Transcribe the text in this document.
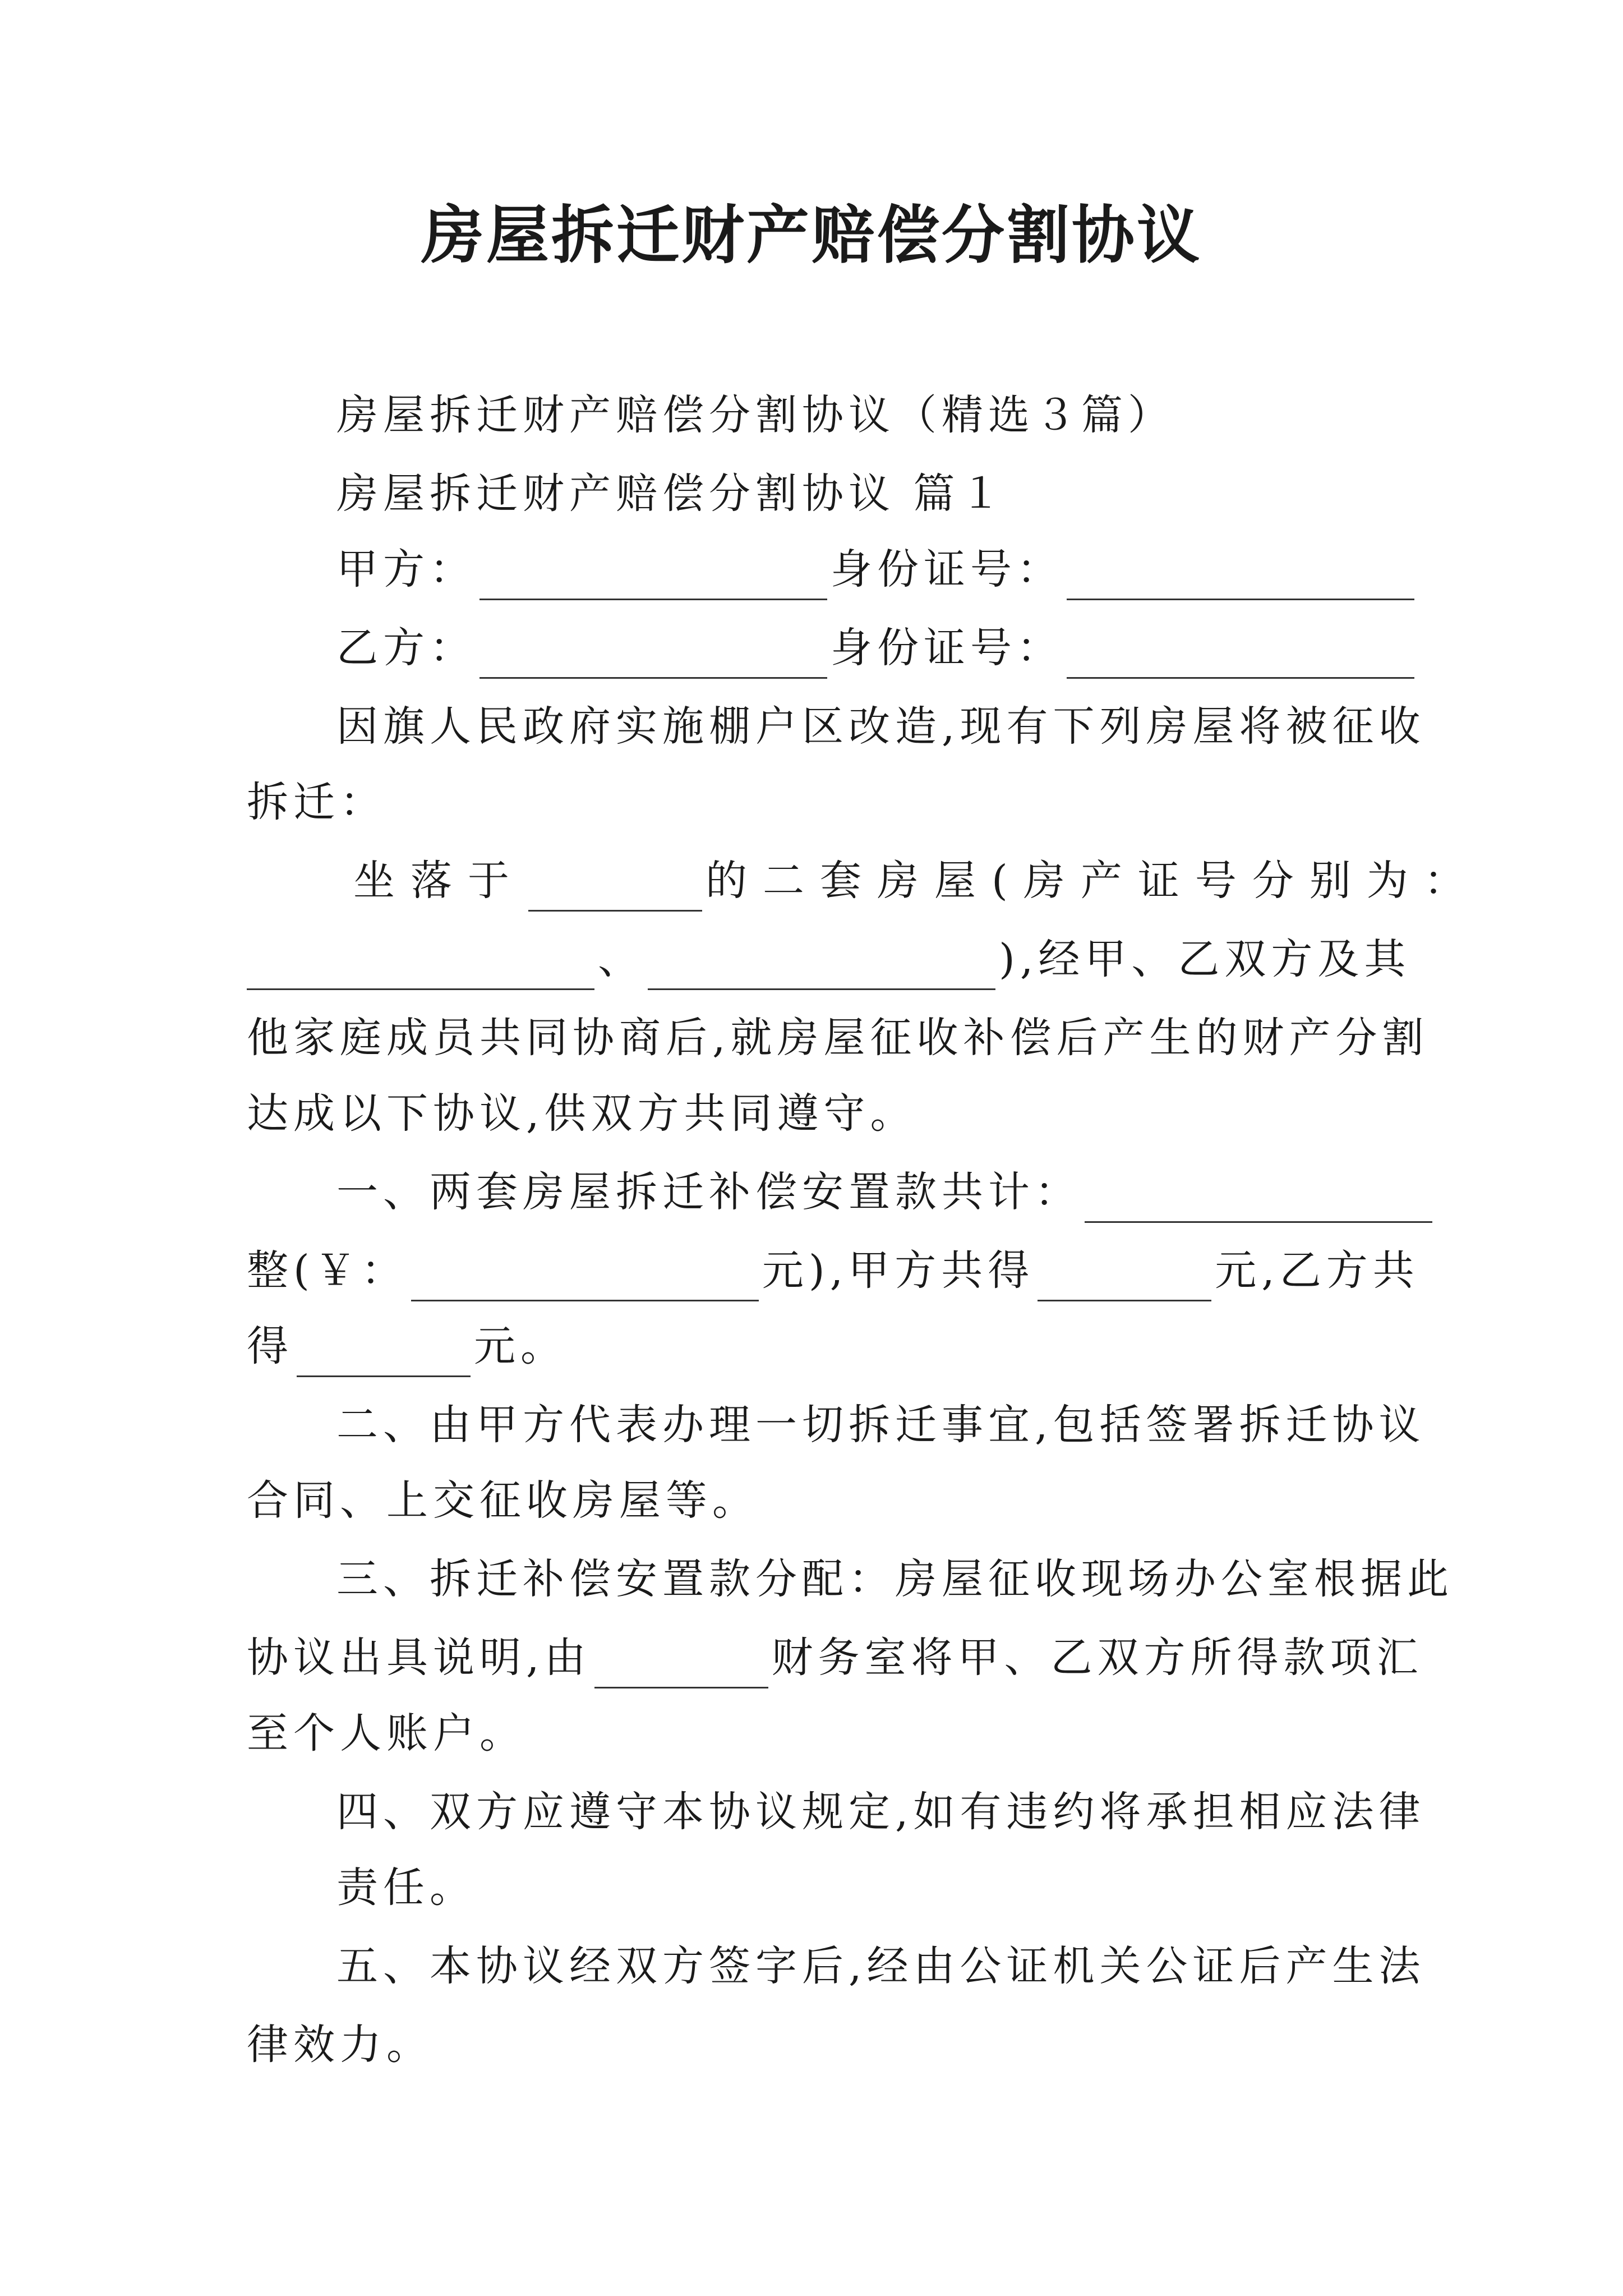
房屋拆迁财产赔偿分割协议
房屋拆迁财产赔偿分割协议（精选３篇）
房屋拆迁财产赔偿分割协议 篇１
甲方：	身份证号：
乙方：	身份证号：
因旗人民政府实施棚户区改造,现有下列房屋将被征收
拆迁：
坐落于	的二套房屋(房产证号分别为：
、	),经甲、乙双方及其
他家庭成员共同协商后,就房屋征收补偿后产生的财产分割
达成以下协议,供双方共同遵守。
一、两套房屋拆迁补偿安置款共计：
整(￥：	元),甲方共得	元,乙方共
得	元。
二、由甲方代表办理一切拆迁事宜,包括签署拆迁协议
合同、上交征收房屋等。
三、拆迁补偿安置款分配：房屋征收现场办公室根据此
协议出具说明,由	财务室将甲、乙双方所得款项汇
至个人账户。
四、双方应遵守本协议规定,如有违约将承担相应法律
责任。
五、本协议经双方签字后,经由公证机关公证后产生法
律效力。
